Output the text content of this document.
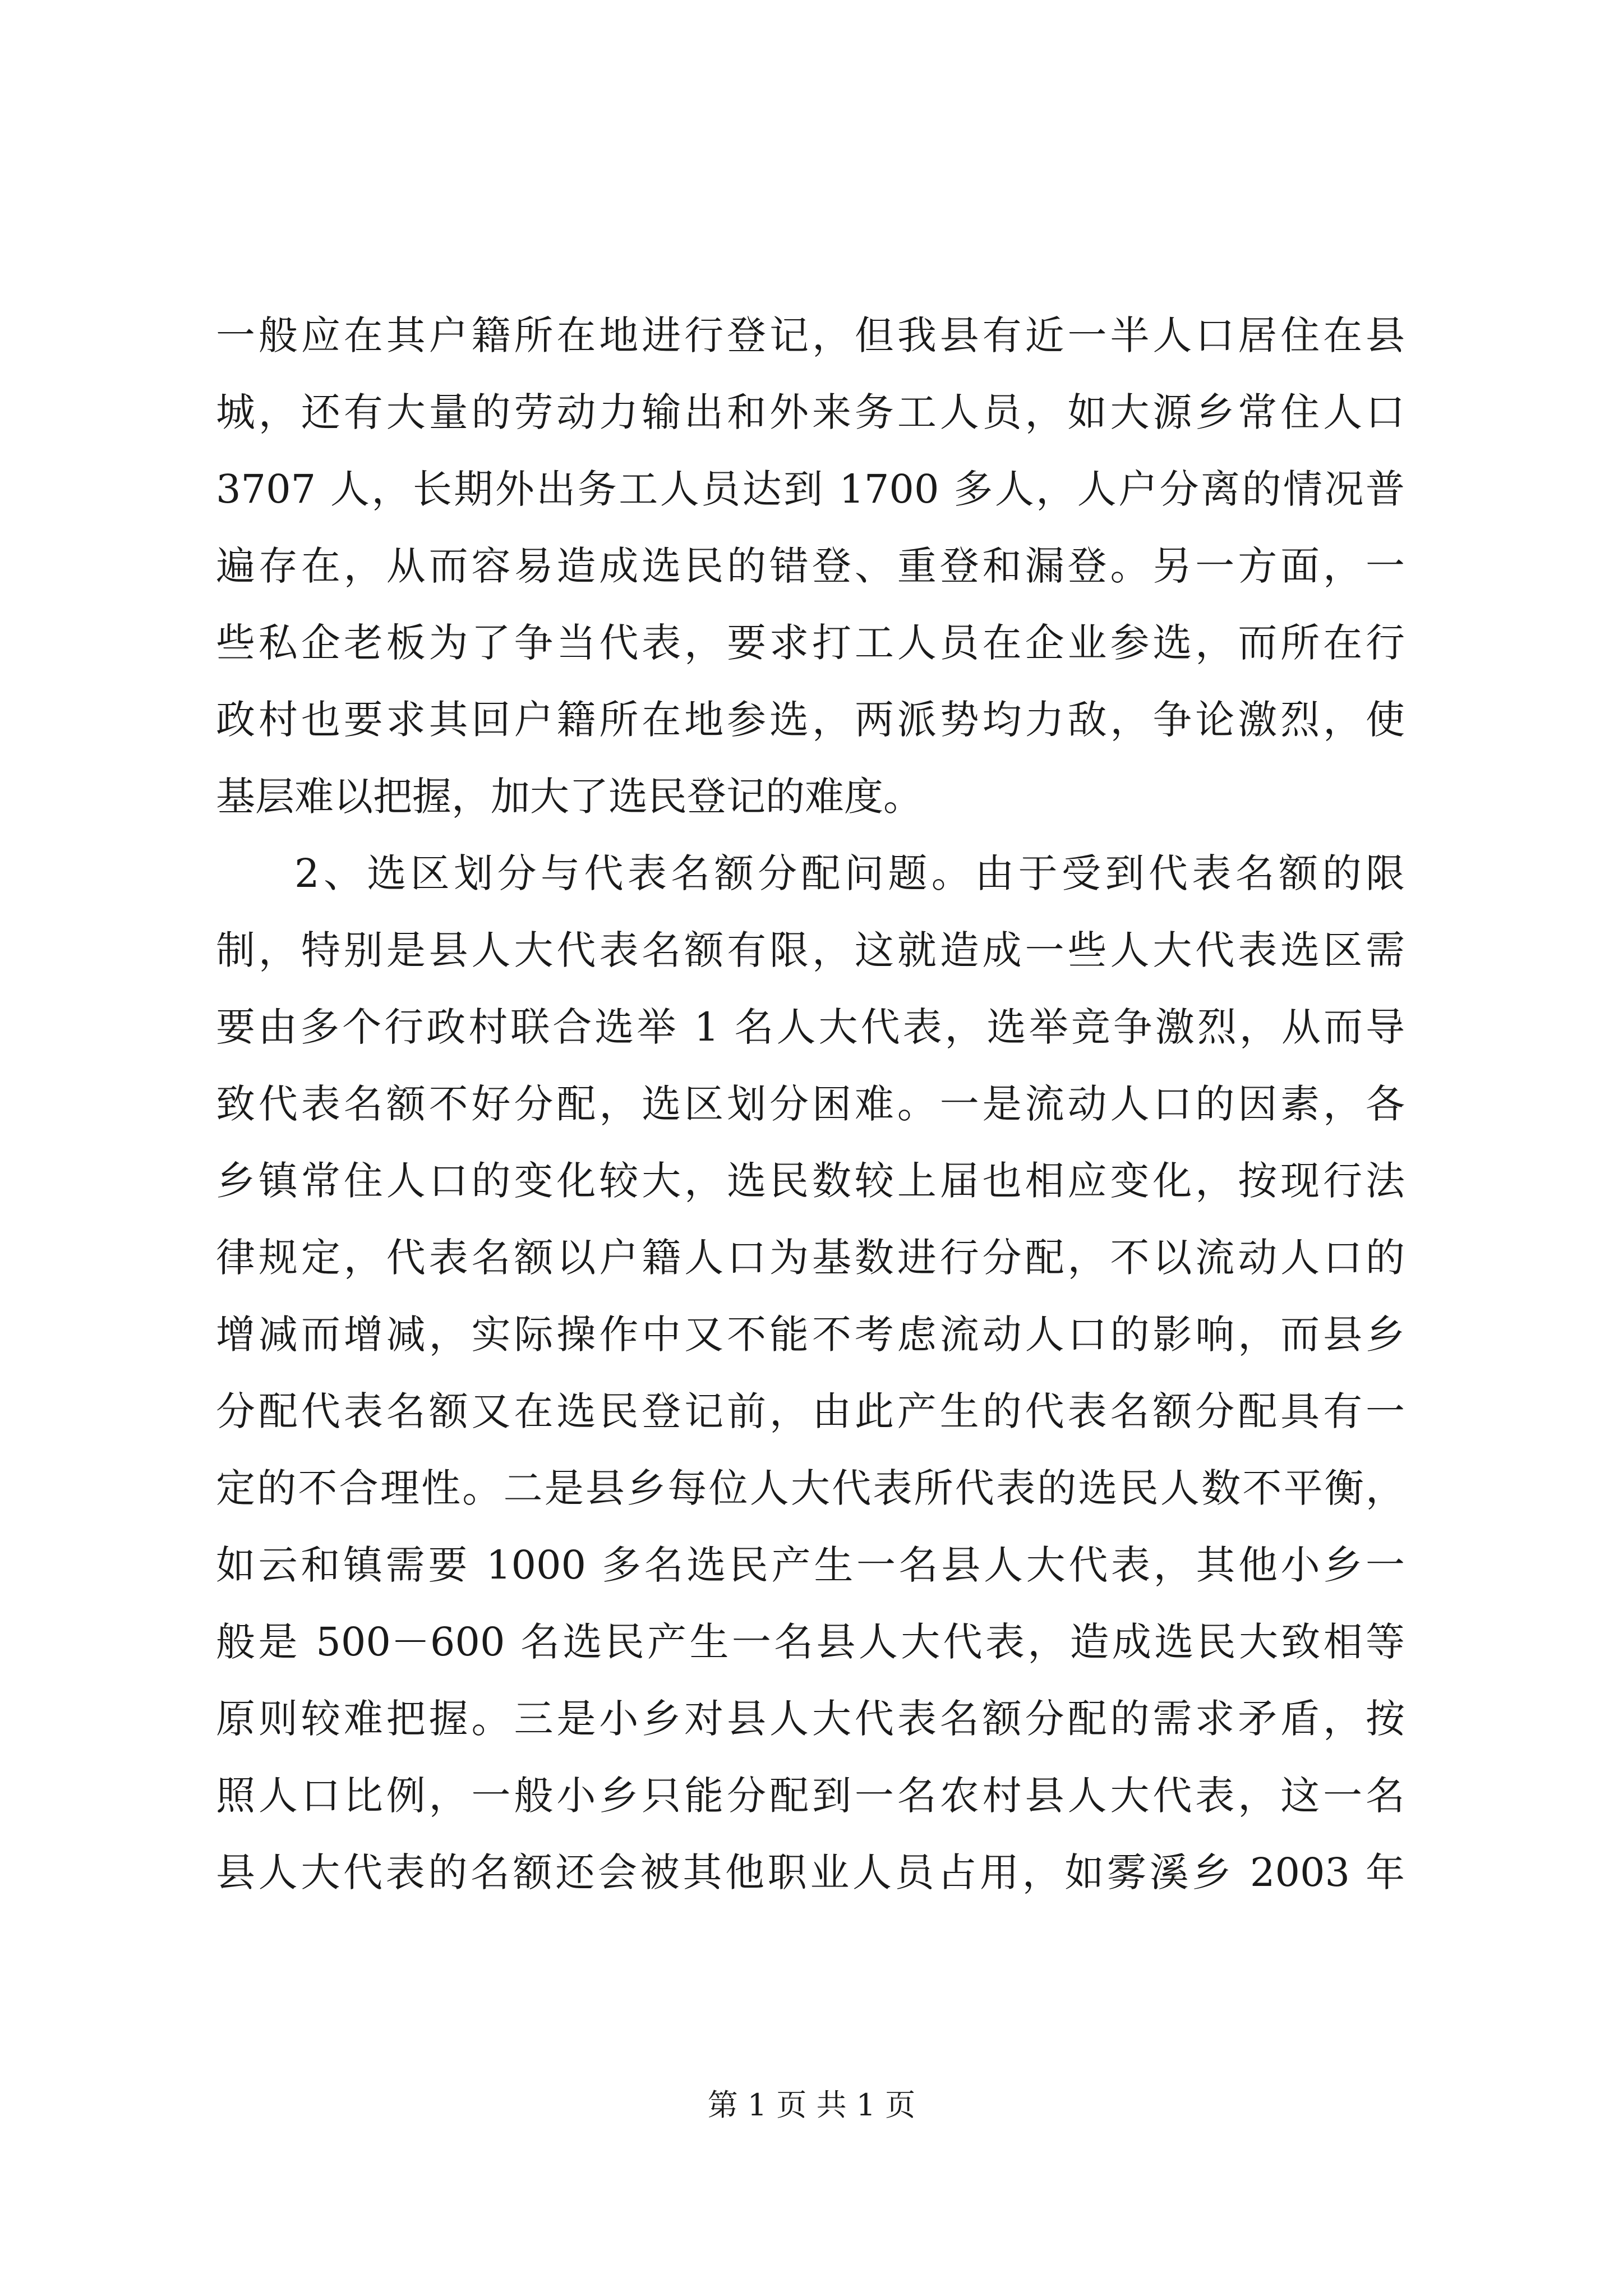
一般应在其户籍所在地进行登记，但我县有近一半人口居住在县
城，还有大量的劳动力输出和外来务工人员，如大源乡常住人口
3707 人，长期外出务工人员达到 1700 多人，人户分离的情况普
遍存在，从而容易造成选民的错登、重登和漏登。另一方面，一
些私企老板为了争当代表，要求打工人员在企业参选，而所在行
政村也要求其回户籍所在地参选，两派势均力敌，争论激烈，使
基层难以把握，加大了选民登记的难度。
2、选区划分与代表名额分配问题。由于受到代表名额的限
制，特别是县人大代表名额有限，这就造成一些人大代表选区需
要由多个行政村联合选举 1 名人大代表，选举竞争激烈，从而导
致代表名额不好分配，选区划分困难。一是流动人口的因素，各
乡镇常住人口的变化较大，选民数较上届也相应变化，按现行法
律规定，代表名额以户籍人口为基数进行分配，不以流动人口的
增减而增减，实际操作中又不能不考虑流动人口的影响，而县乡
分配代表名额又在选民登记前，由此产生的代表名额分配具有一
定的不合理性。二是县乡每位人大代表所代表的选民人数不平衡，
如云和镇需要 1000 多名选民产生一名县人大代表，其他小乡一
般是 500－600 名选民产生一名县人大代表，造成选民大致相等
原则较难把握。三是小乡对县人大代表名额分配的需求矛盾，按
照人口比例，一般小乡只能分配到一名农村县人大代表，这一名
县人大代表的名额还会被其他职业人员占用，如雾溪乡 2003 年
第 1 页 共 1 页
